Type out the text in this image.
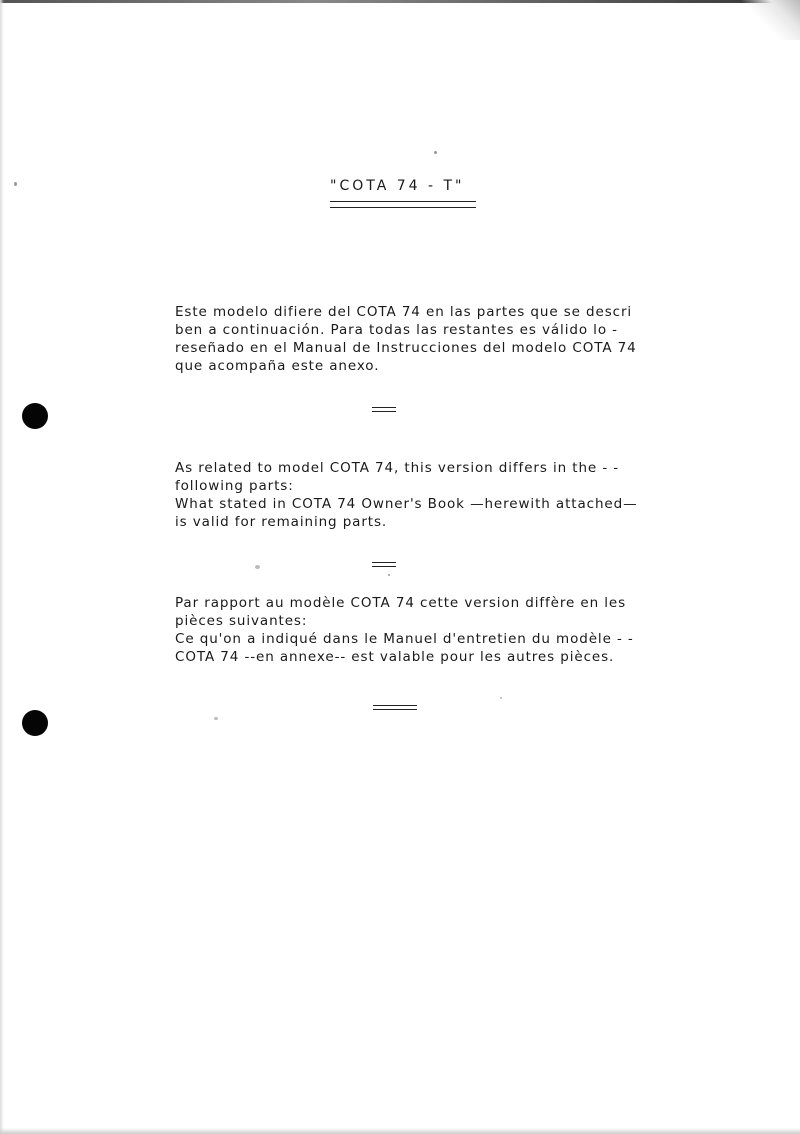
"COTA 74 - T"

Este modelo difiere del COTA 74 en las partes que se descri

ben a continuación. Para todas las restantes es válido lo -

reseñado en el Manual de Instrucciones del modelo COTA 74

que acompaña este anexo.

As related to model COTA 74, this version differs in the - -

following parts:

What stated in COTA 74 Owner's Book —herewith attached—

is valid for remaining parts.

Par rapport au modèle COTA 74 cette version diffère en les

pièces suivantes:

Ce qu'on a indiqué dans le Manuel d'entretien du modèle - -

COTA 74 --en annexe-- est valable pour les autres pièces.
